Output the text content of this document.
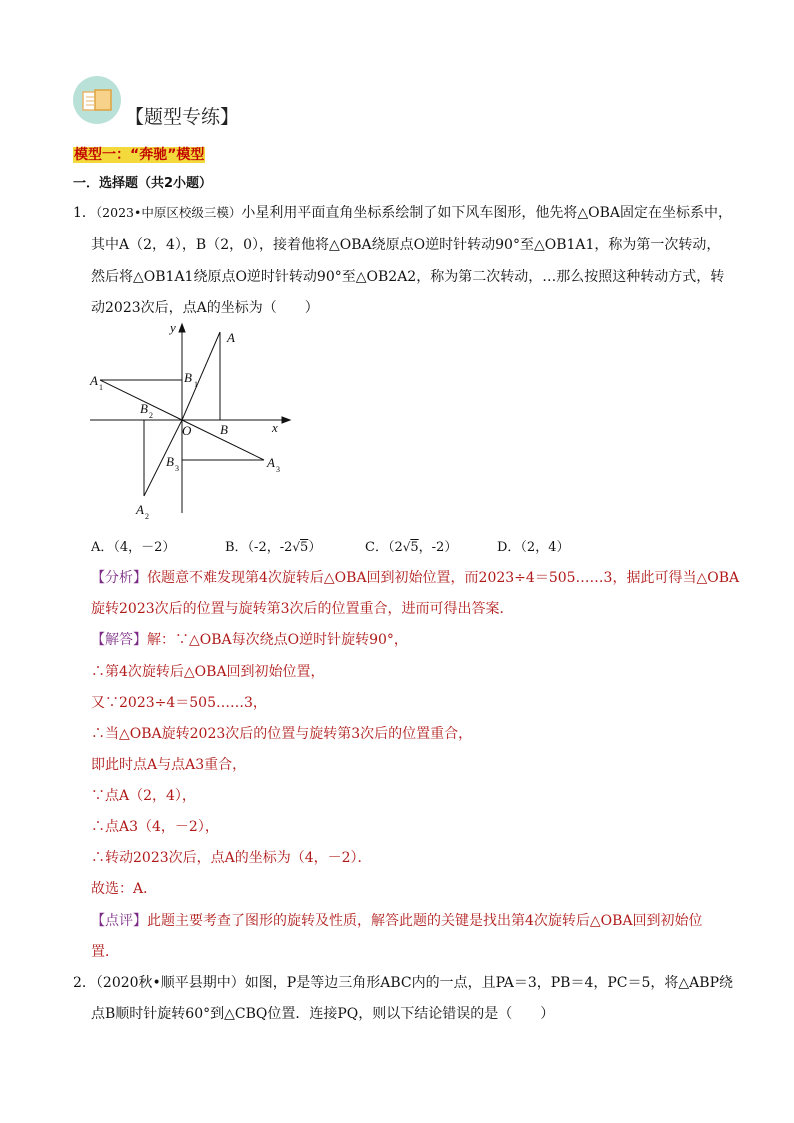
【题型专练】
模型一：“奔驰”模型
一．选择题（共2小题）
1．（2023•中原区校级三模）小星利用平面直角坐标系绘制了如下风车图形，他先将△OBA固定在坐标系中，
其中A（2，4），B（2，0），接着他将△OBA绕原点O逆时针转动90°至△OB1A1，称为第一次转动，
然后将△OB1A1绕原点O逆时针转动90°至△OB2A2，称为第二次转动，…那么按照这种转动方式，转
动2023次后，点A的坐标为（　　）
y
x
O
A
B
A 1
B 1
B 2
A 2
B 3	A 3
A．（4，－2）	B．（-2，-2√5）	C．（2√5，-2）	D．（2，4）
【分析】依题意不难发现第4次旋转后△OBA回到初始位置，而2023÷4＝505……3，据此可得当△OBA
旋转2023次后的位置与旋转第3次后的位置重合，进而可得出答案．
【解答】解：∵△OBA每次绕点O逆时针旋转90°，
∴第4次旋转后△OBA回到初始位置，
又∵2023÷4＝505……3，
∴当△OBA旋转2023次后的位置与旋转第3次后的位置重合，
即此时点A与点A3重合，
∵点A（2，4），
∴点A3（4，－2），
∴转动2023次后，点A的坐标为（4，－2）．
故选：A．
【点评】此题主要考查了图形的旋转及性质，解答此题的关键是找出第4次旋转后△OBA回到初始位
置．
2．（2020秋•顺平县期中）如图，P是等边三角形ABC内的一点，且PA＝3，PB＝4，PC＝5，将△ABP绕
点B顺时针旋转60°到△CBQ位置．连接PQ，则以下结论错误的是（　　）
